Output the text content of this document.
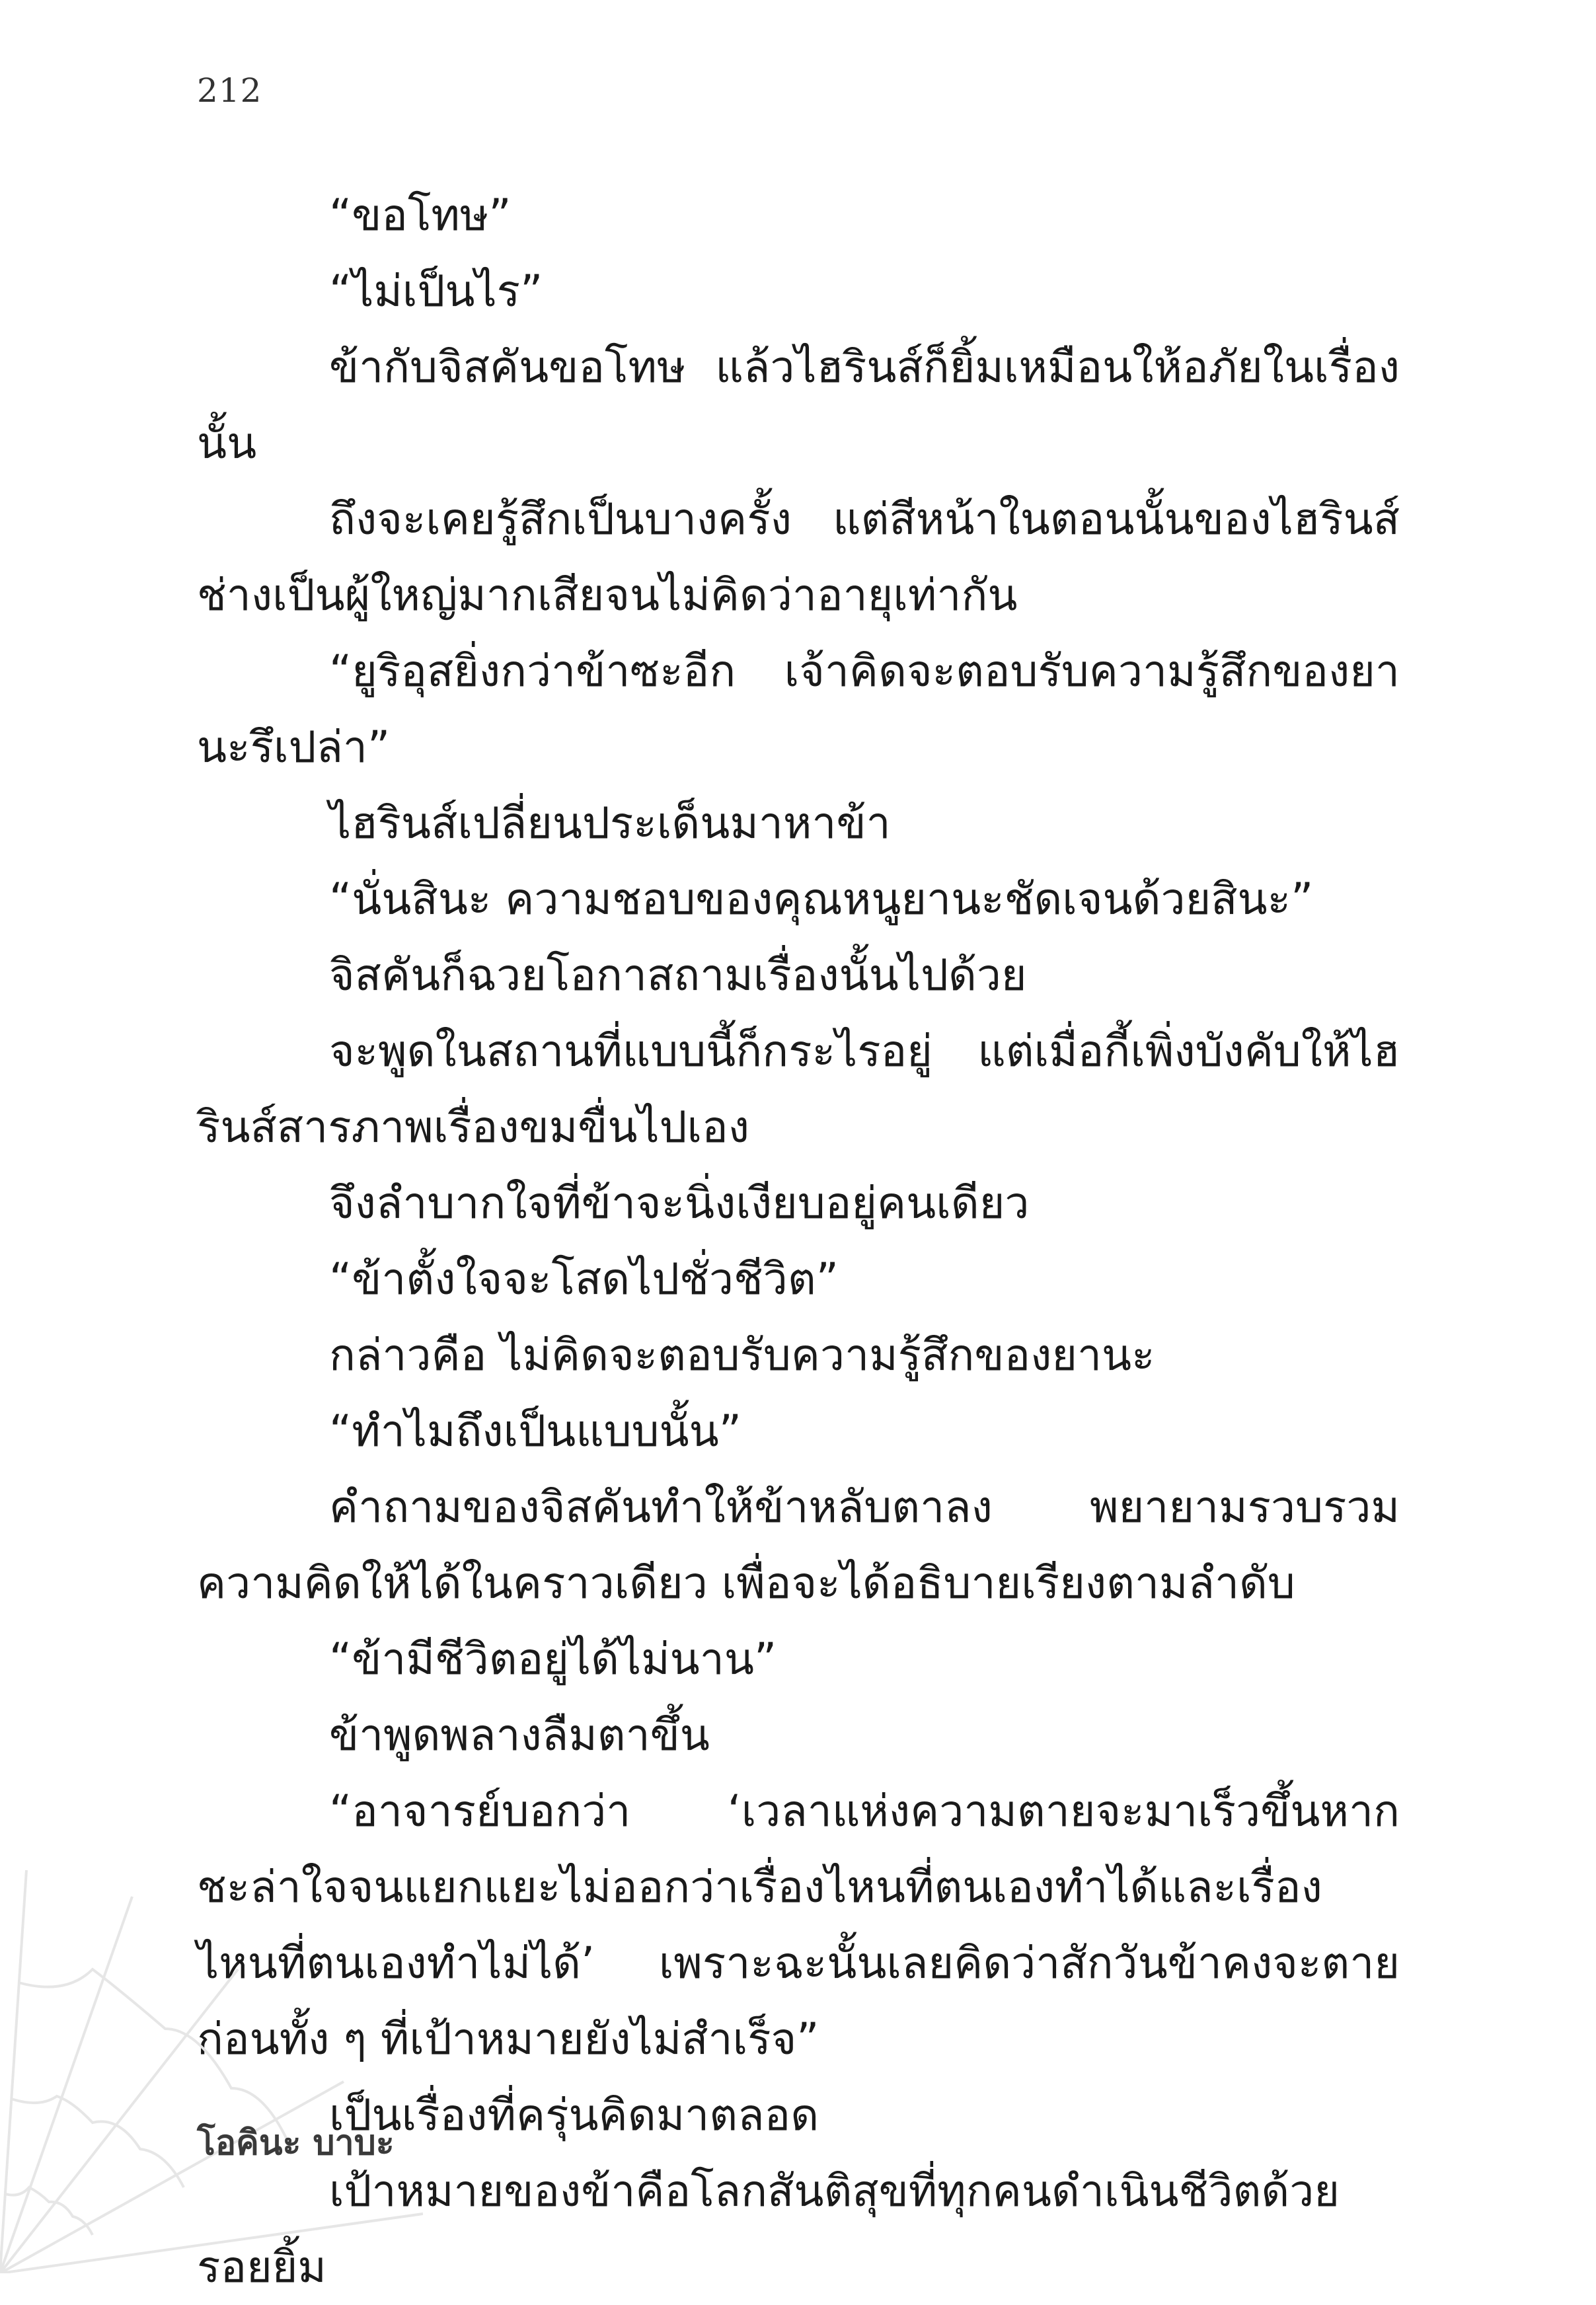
212

“ขอโทษ”

“ไม่เป็นไร”

ข้ากับจิสคันขอโทษ แล้วไฮรินส์ก็ยิ้มเหมือนให้อภัยในเรื่องนั้น

ถึงจะเคยรู้สึกเป็นบางครั้ง แต่สีหน้าในตอนนั้นของไฮรินส์ช่างเป็นผู้ใหญ่มากเสียจนไม่คิดว่าอายุเท่ากัน

“ยูริอุสยิ่งกว่าข้าซะอีก เจ้าคิดจะตอบรับความรู้สึกของยานะรึเปล่า”

ไฮรินส์เปลี่ยนประเด็นมาหาข้า

“นั่นสินะ ความชอบของคุณหนูยานะชัดเจนด้วยสินะ”

จิสคันก็ฉวยโอกาสถามเรื่องนั้นไปด้วย

จะพูดในสถานที่แบบนี้ก็กระไรอยู่ แต่เมื่อกี้เพิ่งบังคับให้ไฮรินส์สารภาพเรื่องขมขื่นไปเอง

จึงลำบากใจที่ข้าจะนิ่งเงียบอยู่คนเดียว

“ข้าตั้งใจจะโสดไปชั่วชีวิต”

กล่าวคือ ไม่คิดจะตอบรับความรู้สึกของยานะ

“ทำไมถึงเป็นแบบนั้น”

คำถามของจิสคันทำให้ข้าหลับตาลง พยายามรวบรวมความคิดให้ได้ในคราวเดียว เพื่อจะได้อธิบายเรียงตามลำดับ

“ข้ามีชีวิตอยู่ได้ไม่นาน”

ข้าพูดพลางลืมตาขึ้น

“อาจารย์บอกว่า ‘เวลาแห่งความตายจะมาเร็วขึ้นหากชะล่าใจจนแยกแยะไม่ออกว่าเรื่องไหนที่ตนเองทำได้และเรื่องไหนที่ตนเองทำไม่ได้’ เพราะฉะนั้นเลยคิดว่าสักวันข้าคงจะตายก่อนทั้ง ๆ ที่เป้าหมายยังไม่สำเร็จ”

เป็นเรื่องที่ครุ่นคิดมาตลอด

เป้าหมายของข้าคือโลกสันติสุขที่ทุกคนดำเนินชีวิตด้วยรอยยิ้ม

โอคินะ บาบะ
